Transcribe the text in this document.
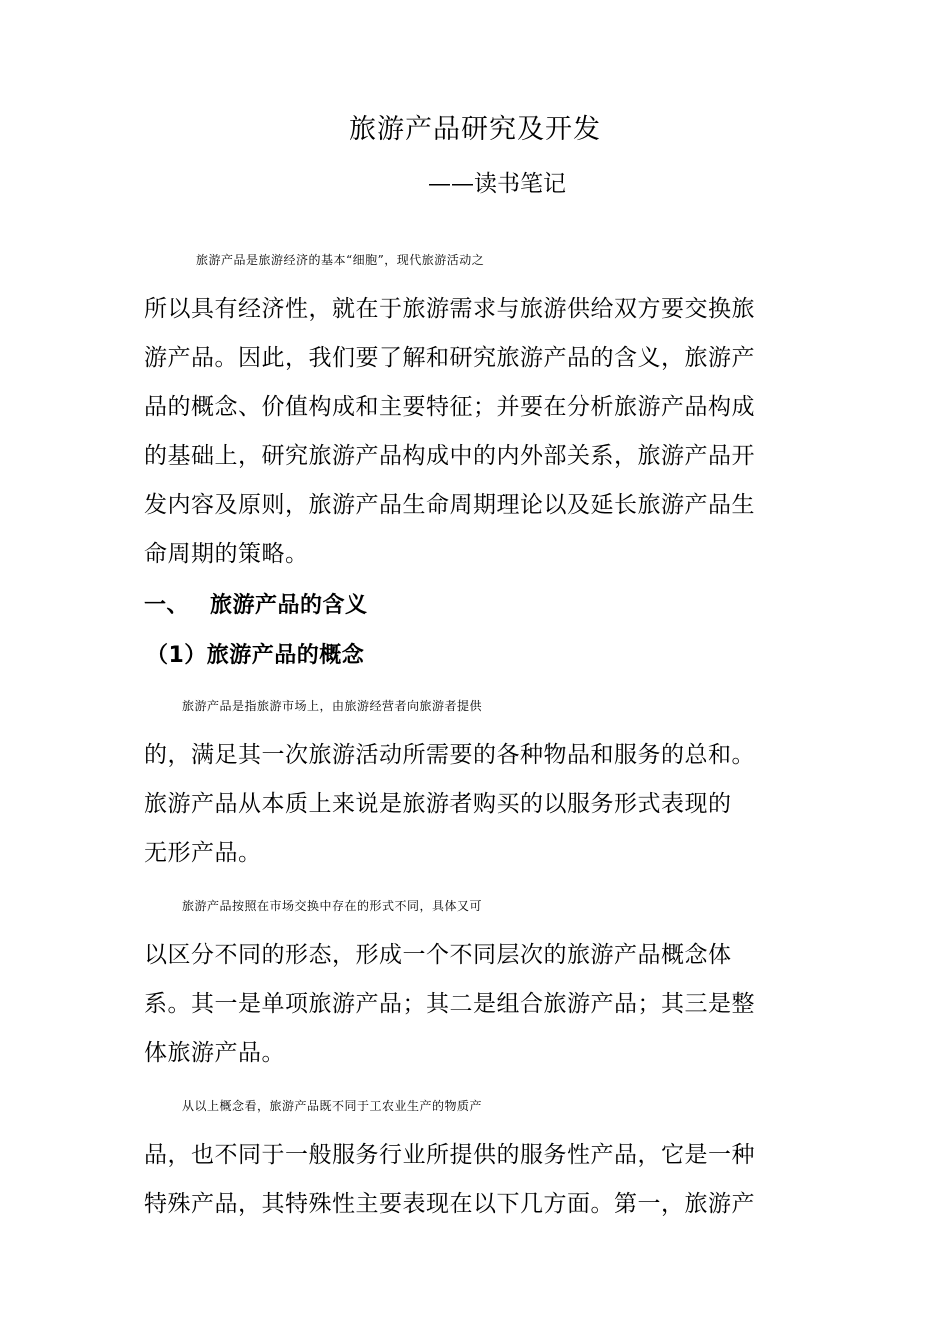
旅游产品研究及开发
——读书笔记
旅游产品是旅游经济的基本“细胞”，现代旅游活动之
所以具有经济性，就在于旅游需求与旅游供给双方要交换旅
游产品。因此，我们要了解和研究旅游产品的含义，旅游产
品的概念、价值构成和主要特征；并要在分析旅游产品构成
的基础上，研究旅游产品构成中的内外部关系，旅游产品开
发内容及原则，旅游产品生命周期理论以及延长旅游产品生
命周期的策略。
一、 旅游产品的含义
（1）旅游产品的概念
旅游产品是指旅游市场上，由旅游经营者向旅游者提供
的，满足其一次旅游活动所需要的各种物品和服务的总和。
旅游产品从本质上来说是旅游者购买的以服务形式表现的
无形产品。
旅游产品按照在市场交换中存在的形式不同，具体又可
以区分不同的形态，形成一个不同层次的旅游产品概念体
系。其一是单项旅游产品；其二是组合旅游产品；其三是整
体旅游产品。
从以上概念看，旅游产品既不同于工农业生产的物质产
品，也不同于一般服务行业所提供的服务性产品，它是一种
特殊产品，其特殊性主要表现在以下几方面。第一，旅游产
